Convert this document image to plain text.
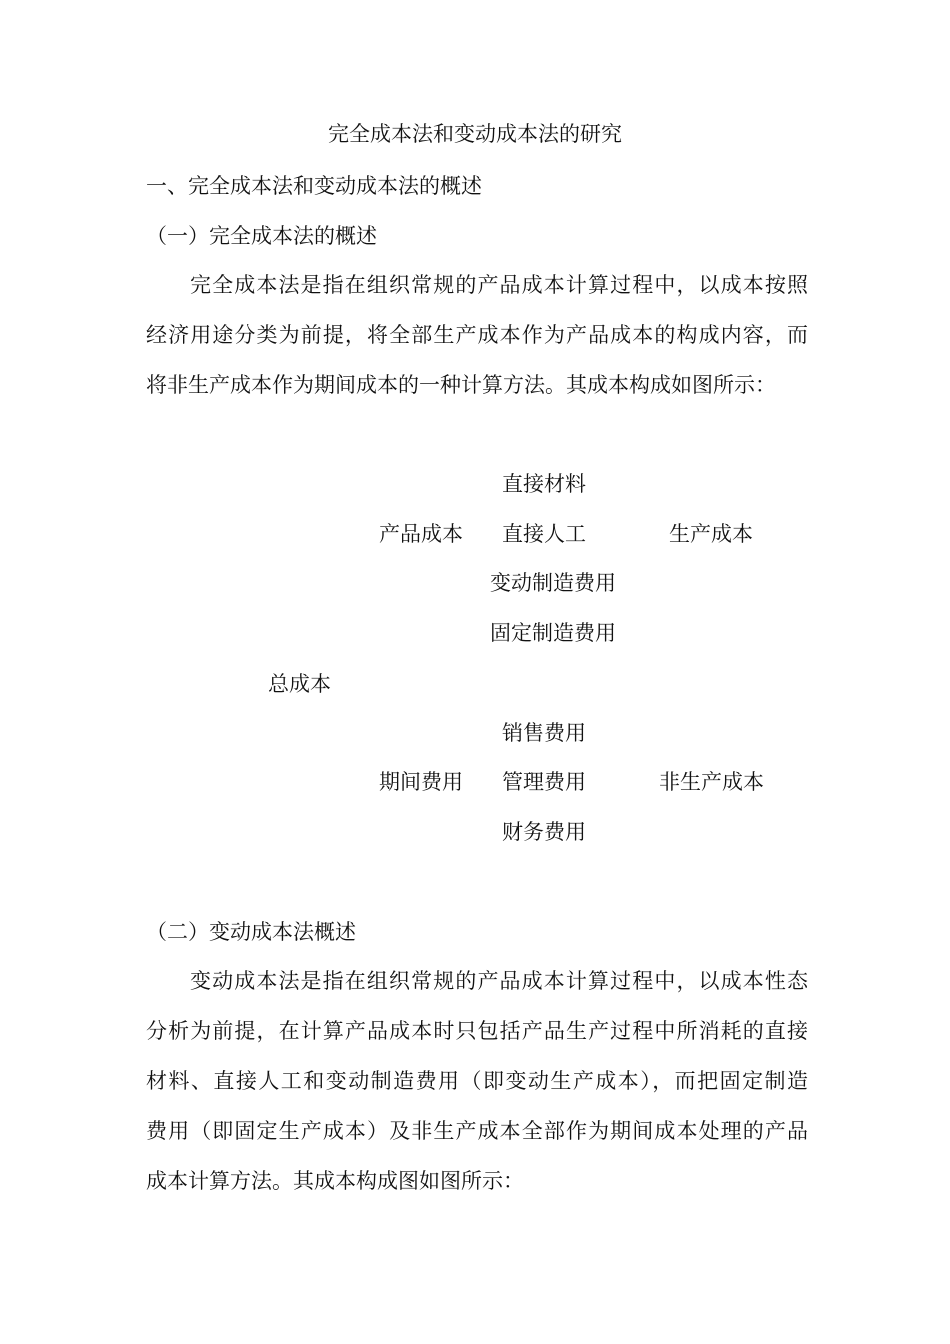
完全成本法和变动成本法的研究
一、完全成本法和变动成本法的概述
（一）完全成本法的概述
完全成本法是指在组织常规的产品成本计算过程中，以成本按照
经济用途分类为前提，将全部生产成本作为产品成本的构成内容，而
将非生产成本作为期间成本的一种计算方法。其成本构成如图所示：
直接材料
产品成本 直接人工	生产成本
变动制造费用
固定制造费用
总成本
销售费用
期间费用 管理费用	非生产成本
财务费用
（二）变动成本法概述
变动成本法是指在组织常规的产品成本计算过程中，以成本性态
分析为前提，在计算产品成本时只包括产品生产过程中所消耗的直接
材料、直接人工和变动制造费用（即变动生产成本），而把固定制造
费用（即固定生产成本）及非生产成本全部作为期间成本处理的产品
成本计算方法。其成本构成图如图所示：
